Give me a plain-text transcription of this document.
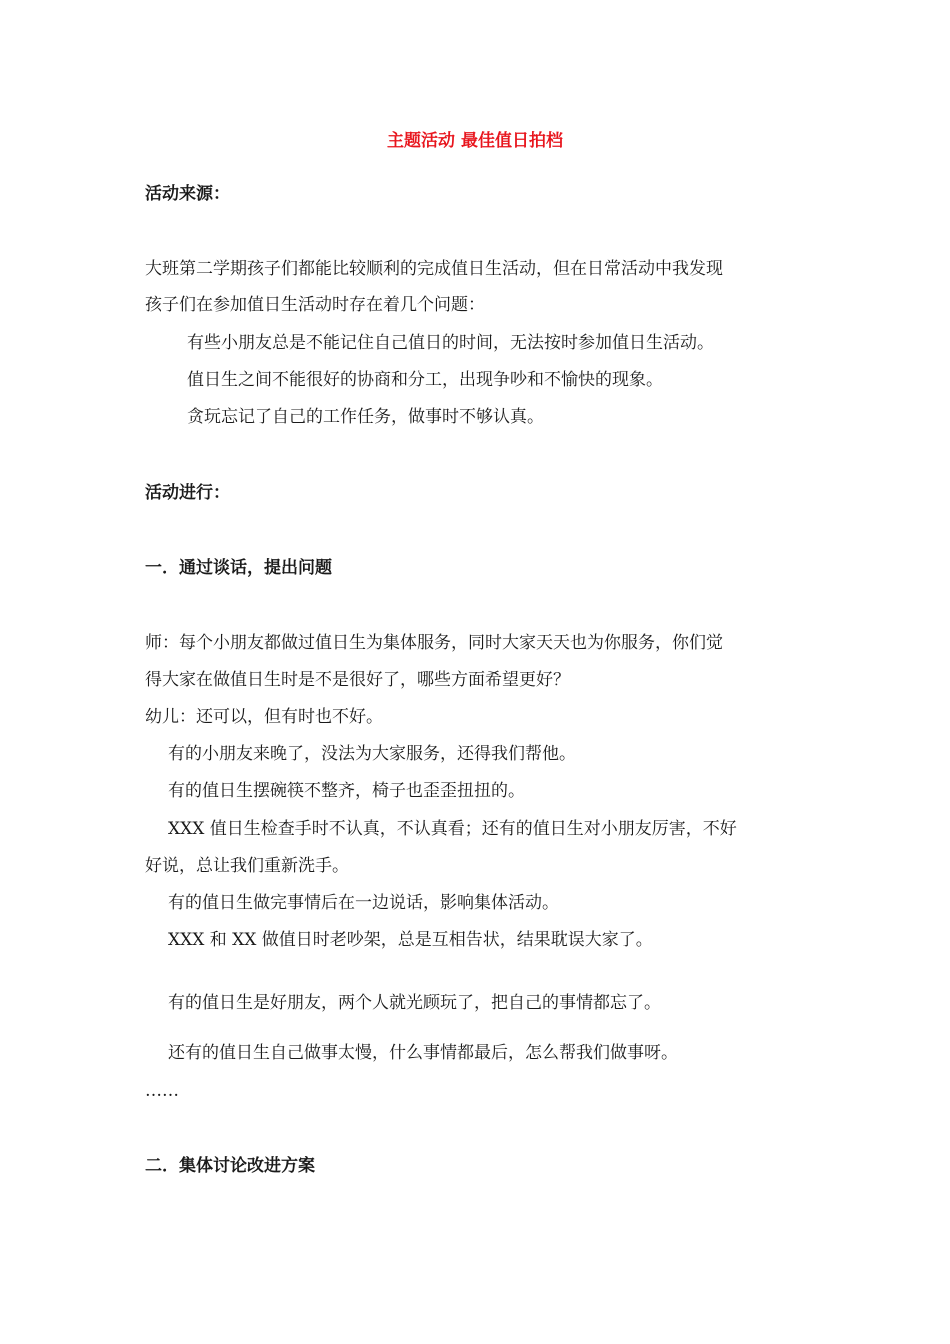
主题活动 最佳值日拍档
活动来源：
大班第二学期孩子们都能比较顺利的完成值日生活动，但在日常活动中我发现
孩子们在参加值日生活动时存在着几个问题：
有些小朋友总是不能记住自己值日的时间，无法按时参加值日生活动。
值日生之间不能很好的协商和分工，出现争吵和不愉快的现象。
贪玩忘记了自己的工作任务，做事时不够认真。
活动进行：
一．通过谈话，提出问题
师：每个小朋友都做过值日生为集体服务，同时大家天天也为你服务，你们觉
得大家在做值日生时是不是很好了，哪些方面希望更好？
幼儿：还可以，但有时也不好。
有的小朋友来晚了，没法为大家服务，还得我们帮他。
有的值日生摆碗筷不整齐，椅子也歪歪扭扭的。
XXX 值日生检查手时不认真，不认真看；还有的值日生对小朋友厉害，不好
好说，总让我们重新洗手。
有的值日生做完事情后在一边说话，影响集体活动。
XXX 和 XX 做值日时老吵架，总是互相告状，结果耽误大家了。
有的值日生是好朋友，两个人就光顾玩了，把自己的事情都忘了。
还有的值日生自己做事太慢，什么事情都最后，怎么帮我们做事呀。
……
二．集体讨论改进方案
